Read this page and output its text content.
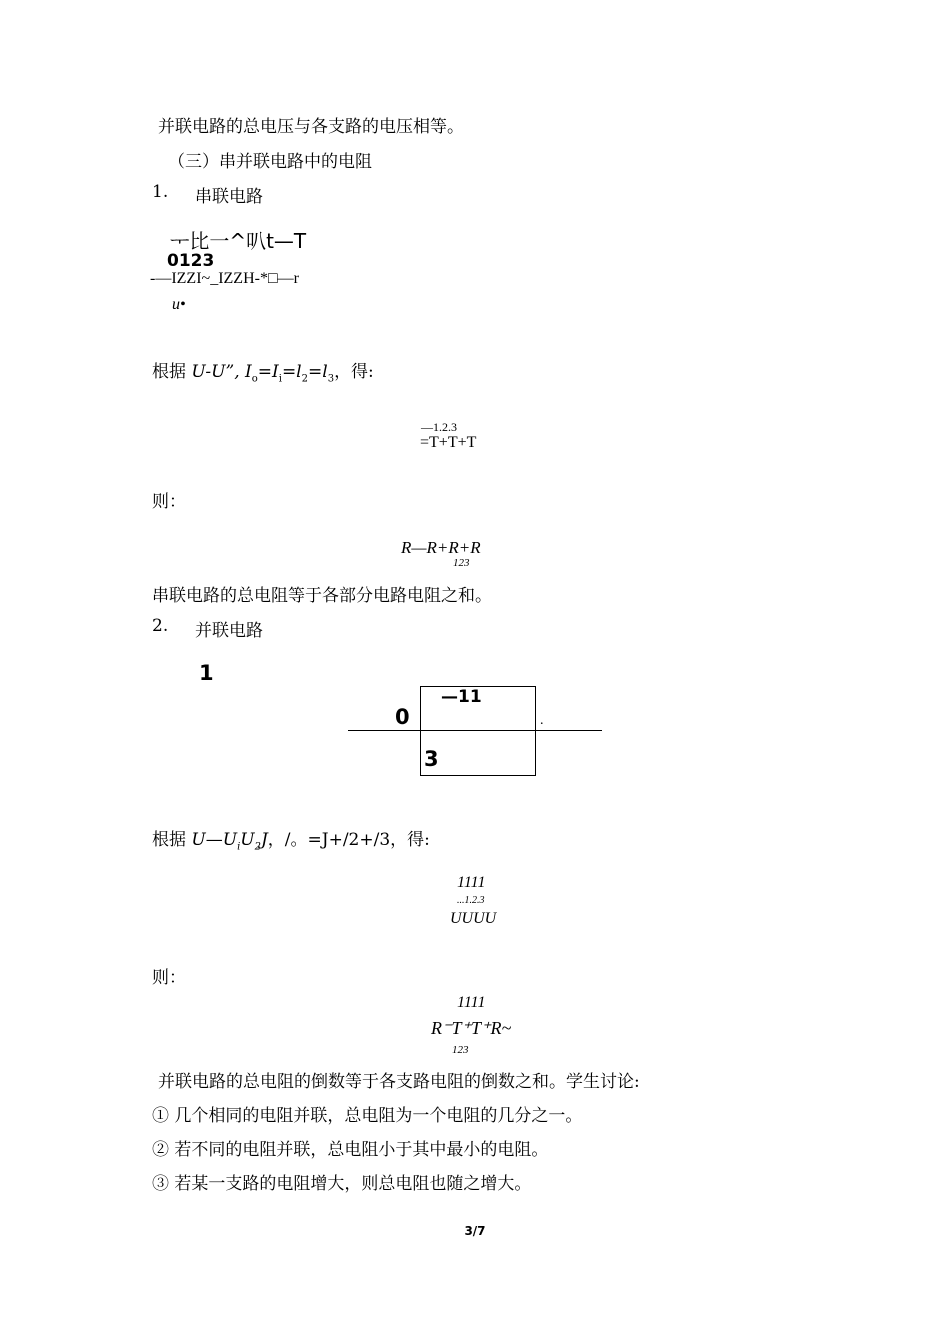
并联电路的总电压与各支路的电压相等。
（三）串并联电路中的电阻
1. 串联电路
ᅮ比一^叭t—T
0123
-—IZZI~_IZZH-*□—r
u•
根据 U-U”, $I_o=I_i=l_2=l_3$，得:
—1.2.3
=T+T+T
则：
R—R+R+R
123
串联电路的总电阻等于各部分电路电阻之和。
2. 并联电路
1
0
—11
3
.
根据 $U—U_iU_2J$，/。=J+/2+/3，得:
1111
...1.2.3
UUUU
则：
1111
R⁻T⁺T⁺R~
123
并联电路的总电阻的倒数等于各支路电阻的倒数之和。学生讨论:
① 几个相同的电阻并联，总电阻为一个电阻的几分之一。
② 若不同的电阻并联，总电阻小于其中最小的电阻。
③ 若某一支路的电阻增大，则总电阻也随之增大。
3/7
